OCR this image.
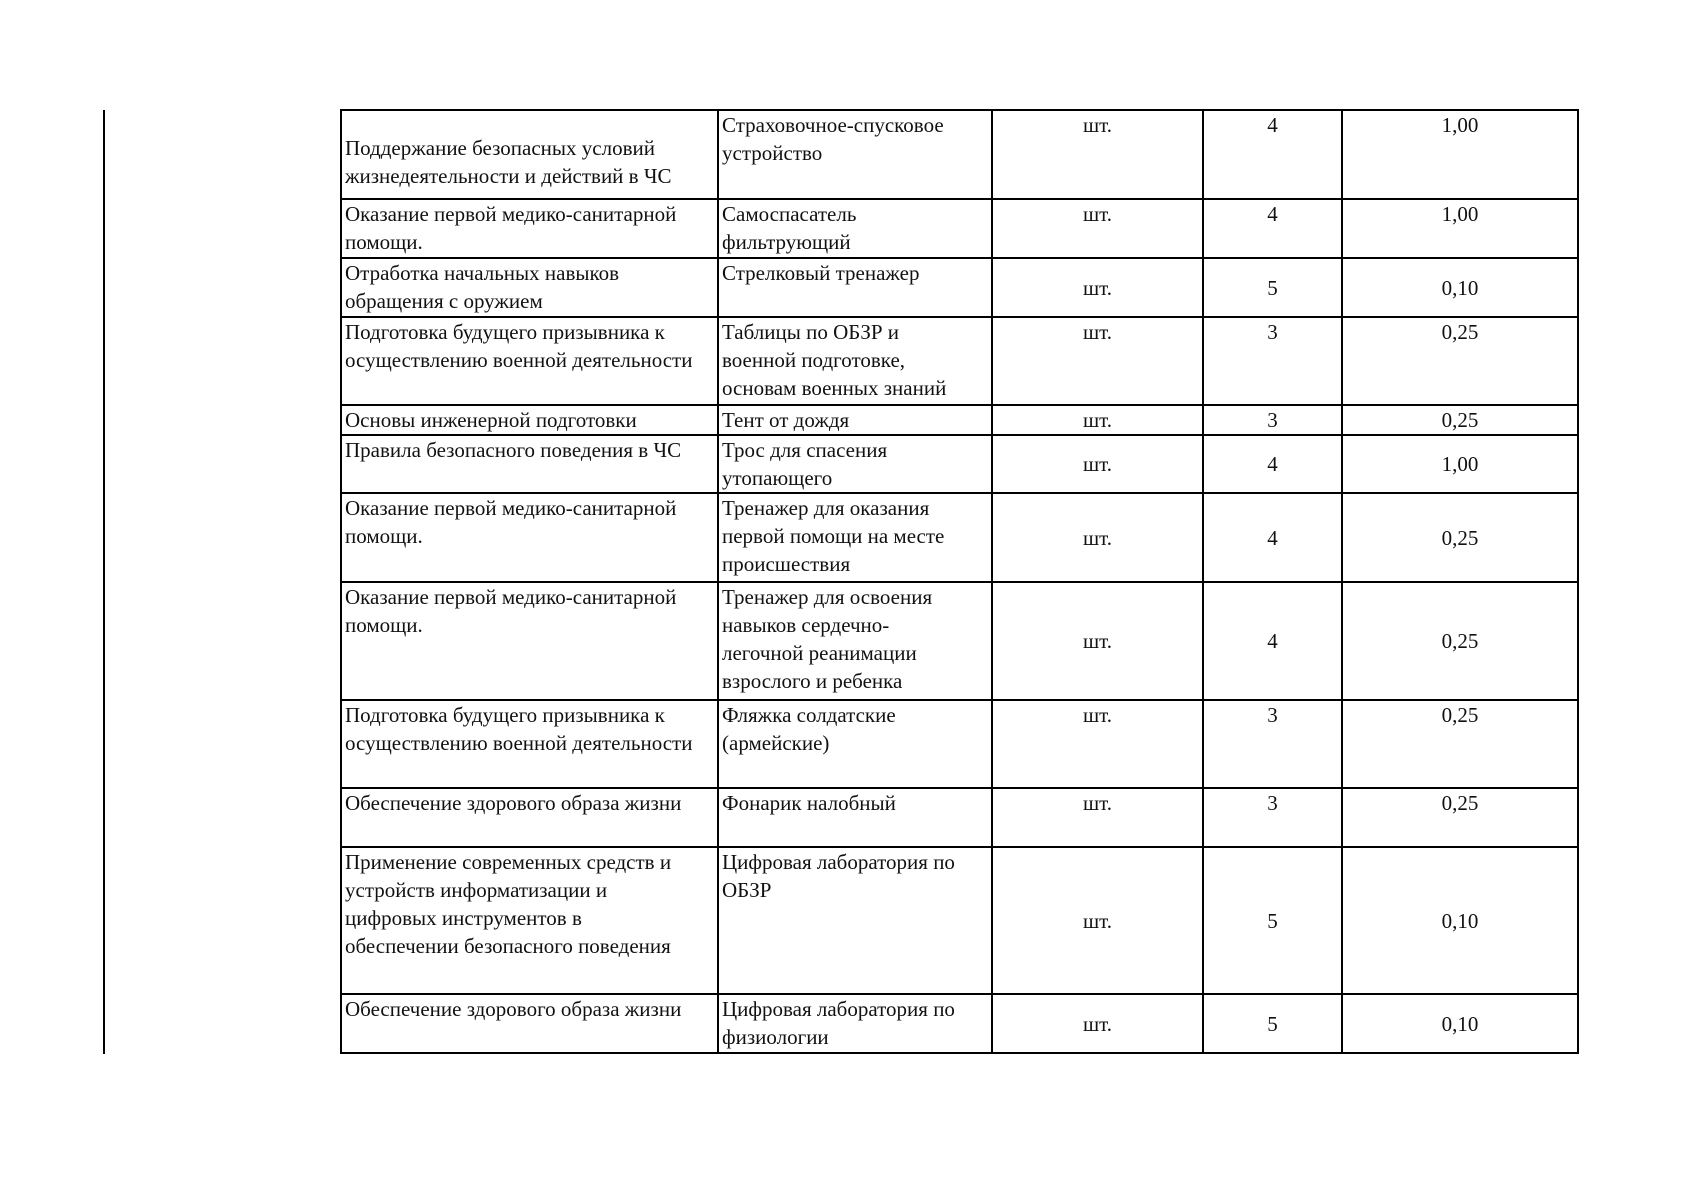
Поддержание безопасных условий
жизнедеятельности и действий в ЧС	Страховочное-спусковое
устройство	шт.	4	1,00

Оказание первой медико-санитарной
помощи.	Самоспасатель
фильтрующий	шт.	4	1,00

Отработка начальных навыков
обращения с оружием	Стрелковый тренажер	шт.	5	0,10

Подготовка будущего призывника к
осуществлению военной деятельности	Таблицы по ОБЗР и
военной подготовке,
основам военных знаний	шт.	3	0,25

Основы инженерной подготовки	Тент от дождя	шт.	3	0,25

Правила безопасного поведения в ЧС	Трос для спасения
утопающего	шт.	4	1,00

Оказание первой медико-санитарной
помощи.	Тренажер для оказания
первой помощи на месте
происшествия	шт.	4	0,25

Оказание первой медико-санитарной
помощи.	Тренажер для освоения
навыков сердечно-
легочной реанимации
взрослого и ребенка	шт.	4	0,25

Подготовка будущего призывника к
осуществлению военной деятельности	Фляжка солдатские
(армейские)	шт.	3	0,25

Обеспечение здорового образа жизни	Фонарик налобный	шт.	3	0,25

Применение современных средств и
устройств информатизации и
цифровых инструментов в
обеспечении безопасного поведения	Цифровая лаборатория по
ОБЗР	шт.	5	0,10

Обеспечение здорового образа жизни	Цифровая лаборатория по
физиологии	шт.	5	0,10
